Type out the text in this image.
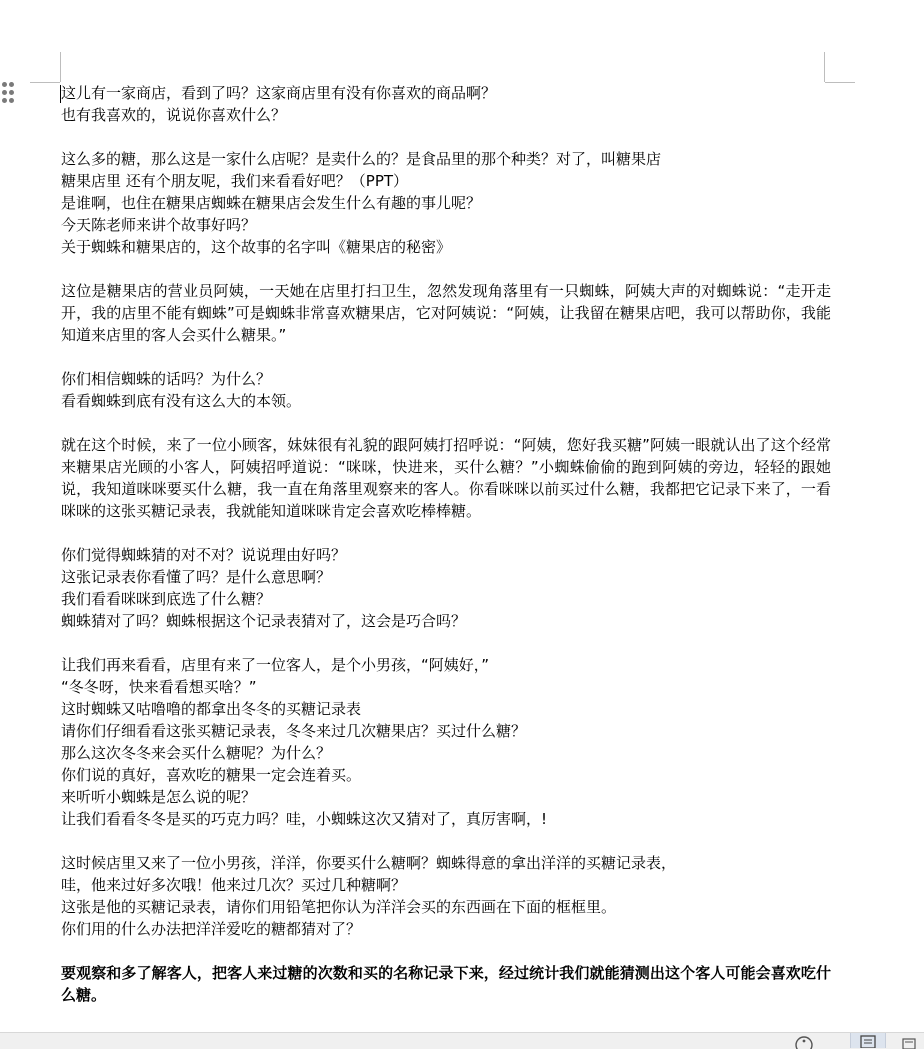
这儿有一家商店，看到了吗？这家商店里有没有你喜欢的商品啊？
也有我喜欢的，说说你喜欢什么？
这么多的糖，那么这是一家什么店呢？是卖什么的？是食品里的那个种类？对了，叫糖果店
糖果店里 还有个朋友呢，我们来看看好吧？（PPT）
是谁啊，也住在糖果店蜘蛛在糖果店会发生什么有趣的事儿呢？
今天陈老师来讲个故事好吗？
关于蜘蛛和糖果店的，这个故事的名字叫《糖果店的秘密》
这位是糖果店的营业员阿姨，一天她在店里打扫卫生，忽然发现角落里有一只蜘蛛，阿姨大声的对蜘蛛说：“走开走开，我的店里不能有蜘蛛”可是蜘蛛非常喜欢糖果店，它对阿姨说：“阿姨，让我留在糖果店吧，我可以帮助你，我能知道来店里的客人会买什么糖果。”
你们相信蜘蛛的话吗？为什么？
看看蜘蛛到底有没有这么大的本领。
就在这个时候，来了一位小顾客，妹妹很有礼貌的跟阿姨打招呼说：“阿姨，您好我买糖”阿姨一眼就认出了这个经常来糖果店光顾的小客人，阿姨招呼道说：“咪咪，快进来，买什么糖？”小蜘蛛偷偷的跑到阿姨的旁边，轻轻的跟她说，我知道咪咪要买什么糖，我一直在角落里观察来的客人。你看咪咪以前买过什么糖，我都把它记录下来了，一看咪咪的这张买糖记录表，我就能知道咪咪肯定会喜欢吃棒棒糖。
你们觉得蜘蛛猜的对不对？说说理由好吗？
这张记录表你看懂了吗？是什么意思啊？
我们看看咪咪到底选了什么糖？
蜘蛛猜对了吗？蜘蛛根据这个记录表猜对了，这会是巧合吗？
让我们再来看看，店里有来了一位客人，是个小男孩，“阿姨好，”
“冬冬呀，快来看看想买啥？”
这时蜘蛛又咕噜噜的都拿出冬冬的买糖记录表
请你们仔细看看这张买糖记录表，冬冬来过几次糖果店？买过什么糖？
那么这次冬冬来会买什么糖呢？为什么？
你们说的真好，喜欢吃的糖果一定会连着买。
来听听小蜘蛛是怎么说的呢？
让我们看看冬冬是买的巧克力吗？哇，小蜘蛛这次又猜对了，真厉害啊，!
这时候店里又来了一位小男孩，洋洋，你要买什么糖啊？蜘蛛得意的拿出洋洋的买糖记录表，
哇，他来过好多次哦！他来过几次？买过几种糖啊？
这张是他的买糖记录表，请你们用铅笔把你认为洋洋会买的东西画在下面的框框里。
你们用的什么办法把洋洋爱吃的糖都猜对了？
要观察和多了解客人，把客人来过糖的次数和买的名称记录下来，经过统计我们就能猜测出这个客人可能会喜欢吃什么糖。
